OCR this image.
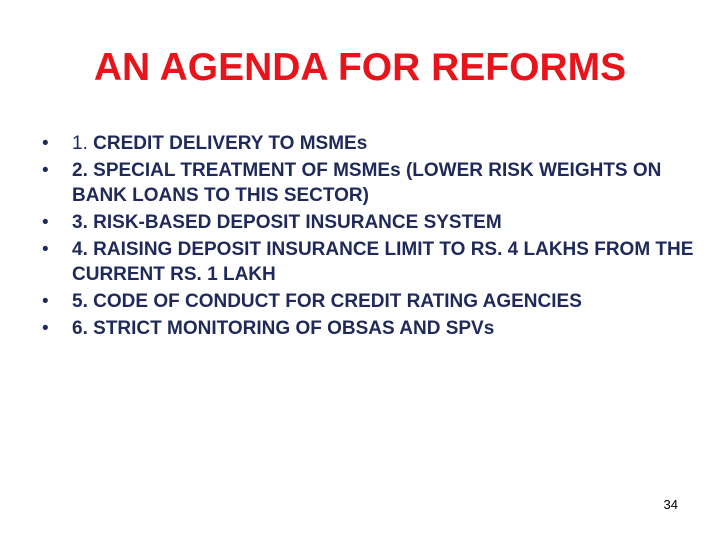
AN AGENDA FOR REFORMS
•	1. CREDIT DELIVERY TO MSMEs
•	2. SPECIAL TREATMENT OF MSMEs (LOWER RISK WEIGHTS ON BANK LOANS TO THIS SECTOR)
•	3. RISK-BASED DEPOSIT INSURANCE SYSTEM
•	4. RAISING DEPOSIT INSURANCE LIMIT TO RS. 4 LAKHS FROM THE CURRENT RS. 1 LAKH
•	5. CODE OF CONDUCT FOR CREDIT RATING AGENCIES
•	6. STRICT MONITORING OF OBSAS AND SPVs
34
